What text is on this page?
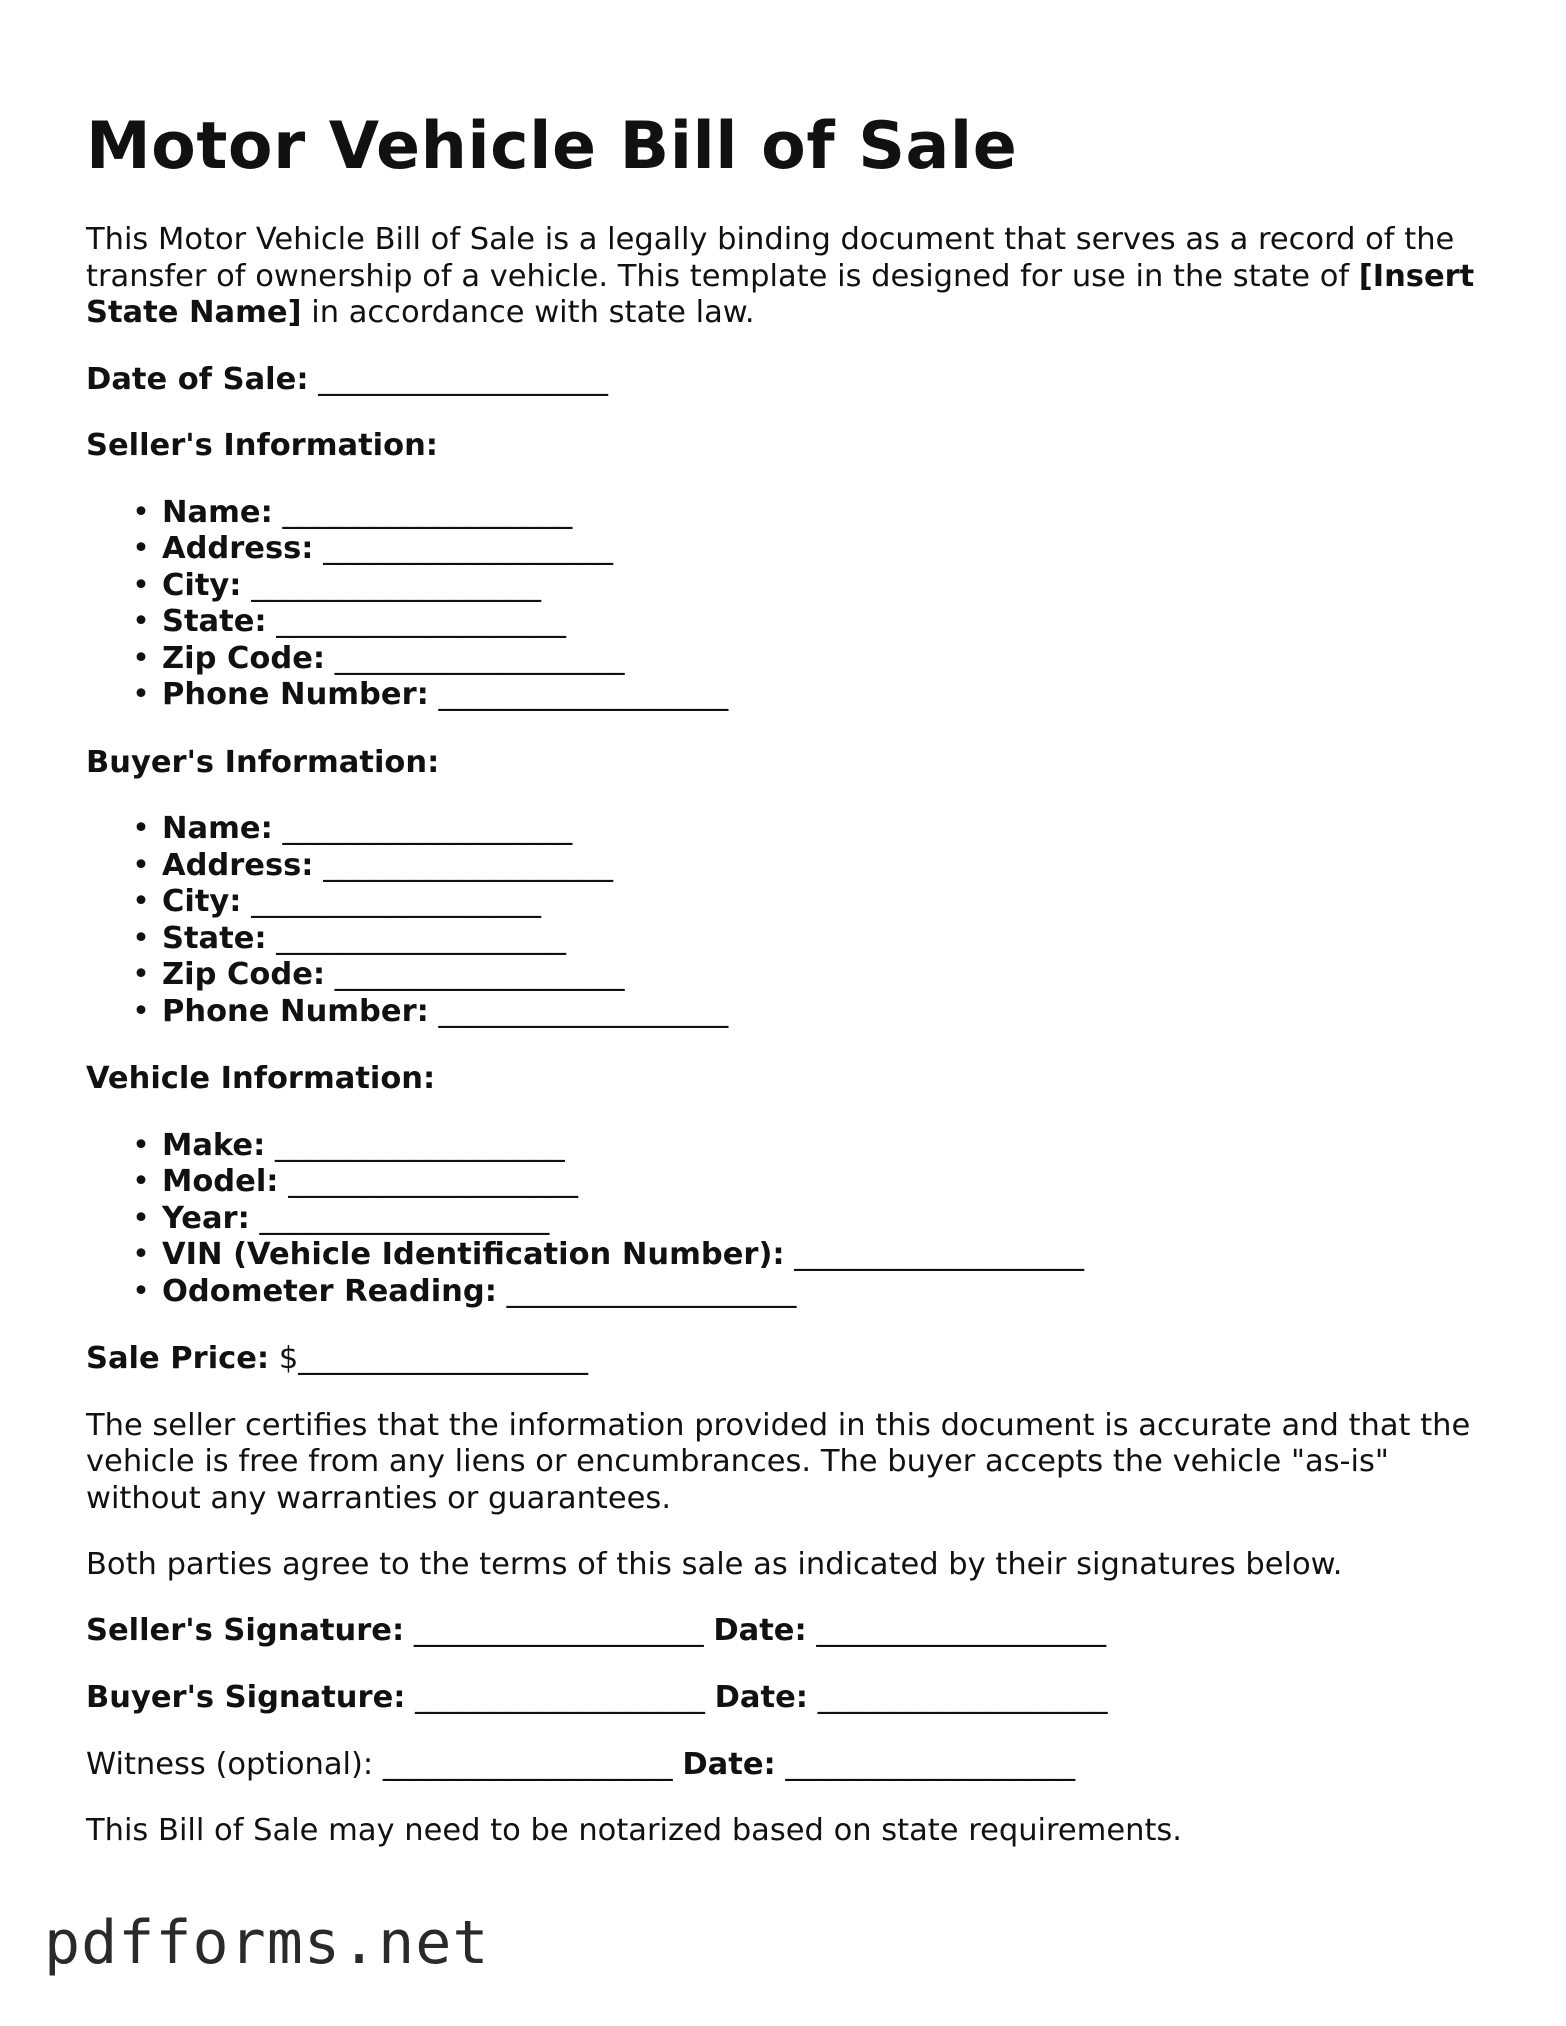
Motor Vehicle Bill of Sale

This Motor Vehicle Bill of Sale is a legally binding document that serves as a record of the transfer of ownership of a vehicle. This template is designed for use in the state of [Insert State Name] in accordance with state law.

Date of Sale: ___________________

Seller's Information:

• Name: ___________________
• Address: ___________________
• City: ___________________
• State: ___________________
• Zip Code: ___________________
• Phone Number: ___________________

Buyer's Information:

• Name: ___________________
• Address: ___________________
• City: ___________________
• State: ___________________
• Zip Code: ___________________
• Phone Number: ___________________

Vehicle Information:

• Make: ___________________
• Model: ___________________
• Year: ___________________
• VIN (Vehicle Identification Number): ___________________
• Odometer Reading: ___________________

Sale Price: $___________________

The seller certifies that the information provided in this document is accurate and that the vehicle is free from any liens or encumbrances. The buyer accepts the vehicle "as-is" without any warranties or guarantees.

Both parties agree to the terms of this sale as indicated by their signatures below.

Seller's Signature: ___________________ Date: ___________________

Buyer's Signature: ___________________ Date: ___________________

Witness (optional): ___________________ Date: ___________________

This Bill of Sale may need to be notarized based on state requirements.

pdfforms.net
